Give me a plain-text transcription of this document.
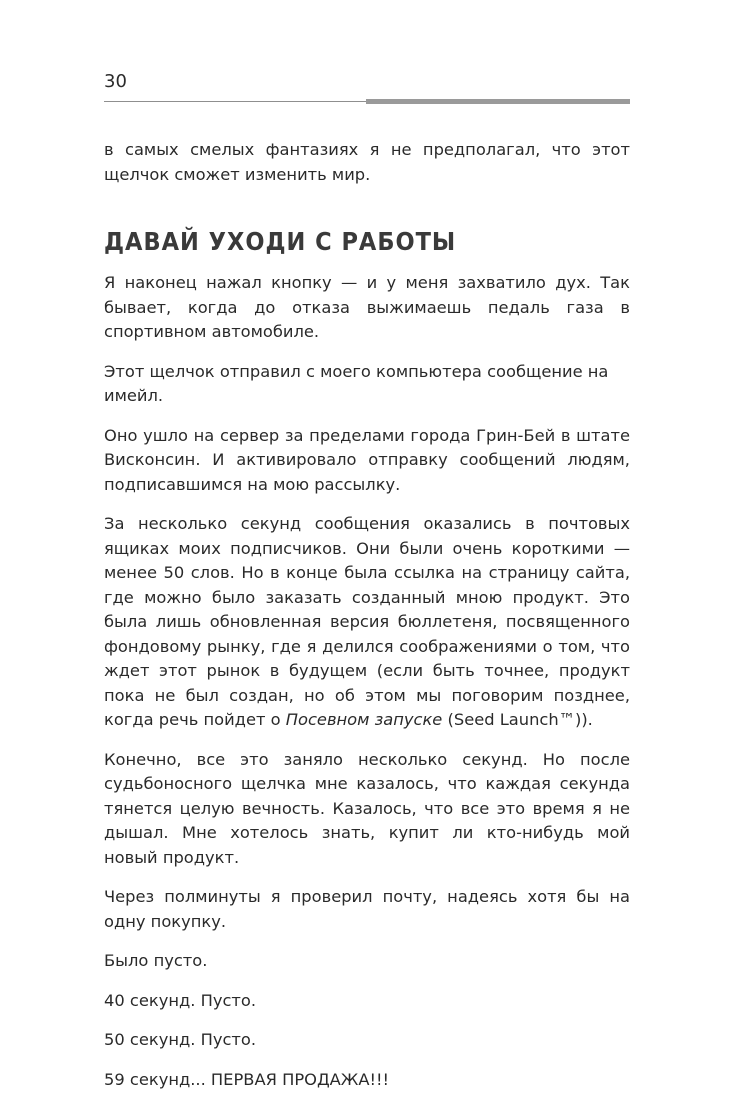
30

в самых смелых фантазиях я не предполагал, что этот щелчок сможет изменить мир.

ДАВАЙ УХОДИ С РАБОТЫ

Я наконец нажал кнопку — и у меня захватило дух. Так бывает, когда до отказа выжимаешь педаль газа в спортивном автомобиле.

Этот щелчок отправил с моего компьютера сообщение на имейл.

Оно ушло на сервер за пределами города Грин-Бей в штате Висконсин. И активировало отправку сообщений людям, подписавшимся на мою рассылку.

За несколько секунд сообщения оказались в почтовых ящиках моих подписчиков. Они были очень короткими — менее 50 слов. Но в конце была ссылка на страницу сайта, где можно было заказать созданный мною продукт. Это была лишь обновленная версия бюллетеня, посвященного фондовому рынку, где я делился соображениями о том, что ждет этот рынок в будущем (если быть точнее, продукт пока не был создан, но об этом мы поговорим позднее, когда речь пойдет о Посевном запуске (Seed Launch™)).

Конечно, все это заняло несколько секунд. Но после судьбоносного щелчка мне казалось, что каждая секунда тянется целую вечность. Казалось, что все это время я не дышал. Мне хотелось знать, купит ли кто-нибудь мой новый продукт.

Через полминуты я проверил почту, надеясь хотя бы на одну покупку.

Было пусто.

40 секунд. Пусто.

50 секунд. Пусто.

59 секунд... ПЕРВАЯ ПРОДАЖА!!!
